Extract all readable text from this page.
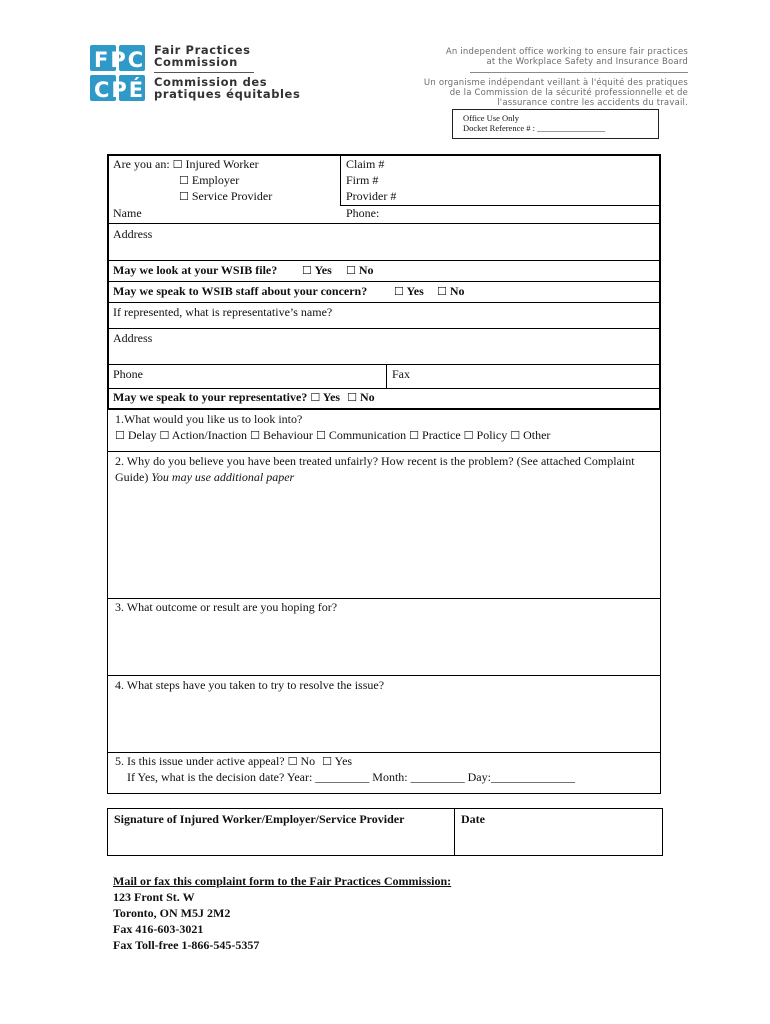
FPC
CPÉ
Fair Practices
Commission
Commission des
pratiques équitables
An independent office working to ensure fair practices
at the Workplace Safety and Insurance Board
Un organisme indépendant veillant à l'équité des pratiques
de la Commission de la sécurité professionnelle et de
l'assurance contre les accidents du travail.
Office Use Only
Docket Reference # : ________________
Are you an: ☐ Injured Worker
☐ Employer
☐ Service Provider
Name
Claim #
Firm #
Provider #
Phone:
Address
May we look at your WSIB file? ☐ Yes ☐ No
May we speak to WSIB staff about your concern? ☐ Yes ☐ No
If represented, what is representative’s name?
Address
Phone	Fax
May we speak to your representative? ☐ Yes ☐ No
1.What would you like us to look into?
☐ Delay ☐ Action/Inaction ☐ Behaviour ☐ Communication ☐ Practice ☐ Policy ☐ Other
2. Why do you believe you have been treated unfairly? How recent is the problem? (See attached Complaint Guide) You may use additional paper
3. What outcome or result are you hoping for?
4. What steps have you taken to try to resolve the issue?
5. Is this issue under active appeal? ☐ No ☐ Yes
If Yes, what is the decision date? Year: _________ Month: _________ Day:______________
Signature of Injured Worker/Employer/Service Provider	Date
Mail or fax this complaint form to the Fair Practices Commission:
123 Front St. W
Toronto, ON M5J 2M2
Fax 416-603-3021
Fax Toll-free 1-866-545-5357
